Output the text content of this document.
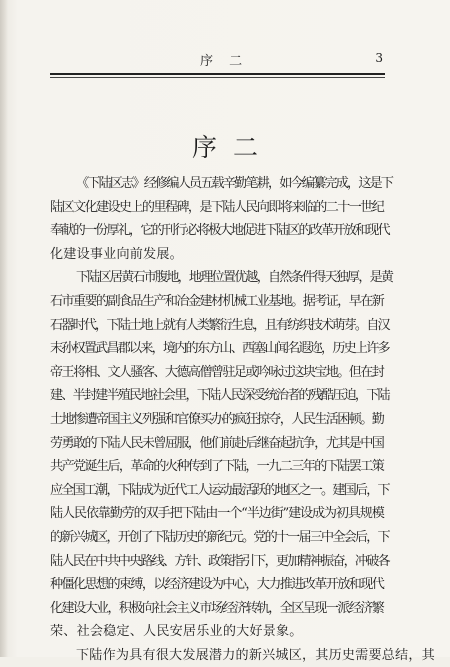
序 二	3
序二
《下陆区志》经修编人员五载辛勤笔耕，如今编纂完成，这是下
陆区文化建设史上的里程碑，是下陆人民向即将来临的二十一世纪
奉献的一份厚礼，它的刊行必将极大地促进下陆区的改革开放和现代
化建设事业向前发展。
下陆区居黄石市腹地，地理位置优越，自然条件得天独厚，是黄
石市重要的副食品生产和冶金建材机械工业基地。据考证，早在新
石器时代，下陆土地上就有人类繁衍生息，且有纺织技术萌芽。自汉
末孙权置武昌郡以来，境内的东方山、西塞山闻名遐迩，历史上许多
帝王将相、文人骚客、大德高僧曾驻足或吟咏过这块宝地。但在封
建、半封建半殖民地社会里，下陆人民深受统治者的残酷压迫，下陆
土地惨遭帝国主义列强和官僚买办的疯狂掠夺，人民生活困顿。勤
劳勇敢的下陆人民未曾屈服，他们前赴后继奋起抗争，尤其是中国
共产党诞生后，革命的火种传到了下陆，一九二三年的下陆罢工策
应全国工潮，下陆成为近代工人运动最活跃的地区之一。建国后，下
陆人民依靠勤劳的双手把下陆由一个“半边街”建设成为初具规模
的新兴城区，开创了下陆历史的新纪元。党的十一届三中全会后，下
陆人民在中共中央路线、方针、政策指引下，更加精神振奋，冲破各
种僵化思想的束缚，以经济建设为中心，大力推进改革开放和现代
化建设大业，积极向社会主义市场经济转轨，全区呈现一派经济繁
荣、社会稳定、人民安居乐业的大好景象。
下陆作为具有很大发展潜力的新兴城区，其历史需要总结，其
